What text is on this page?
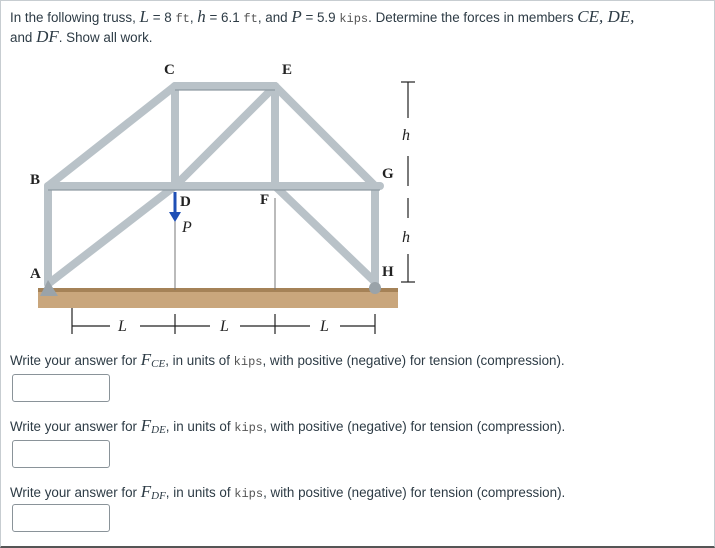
In the following truss, L = 8 ft, h = 6.1 ft, and P = 5.9 kips. Determine the forces in members CE, DE,
and DF. Show all work.
B
A
C	E
D	F
G
H
P
h
h
L	L	L
Write your answer for FCE, in units of kips, with positive (negative) for tension (compression).
Write your answer for FDE, in units of kips, with positive (negative) for tension (compression).
Write your answer for FDF, in units of kips, with positive (negative) for tension (compression).
